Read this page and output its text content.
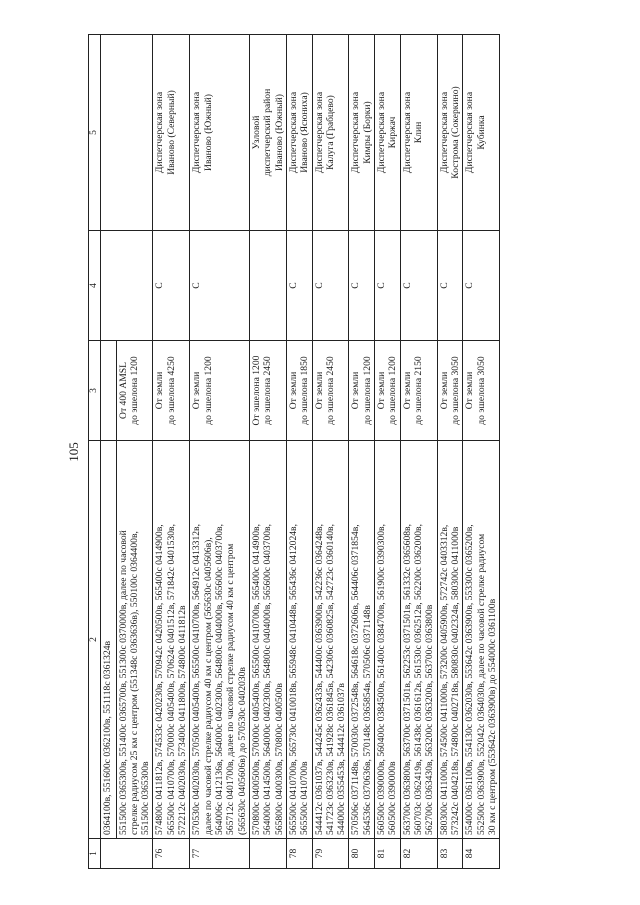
105
1	2	3	4	5

	0364100в, 551600с 0362100в, 551118с 0361324в 551500с 0365300в, 551400с 0365700в, 551300с 0370000в, далее по часовой стрелке радиусом 25 км с центром (551348с 0363636в), 550100с 0364400в, 551500с 0365300в	От 400 AMSL до эшелона 1200		

76	574800с 0411812в, 574533с 0420230в, 570942с 0420500в, 565400с 0414900в, 565500с 0410700в, 570000с 0405400в, 570624с 0401512в, 571842с 0401530в, 572212с 0402030в, 573400с 0411800в, 574800с 0411812в	От земли до эшелона 4250	С	Диспетчерская зона Иваново (Северный)

77	570530с 0402030в, 570500с 0405400в, 565500с 0410700в, 564912с 0413312в, далее по часовой стрелке радиусом 40 км с центром (565630с 0405606в), 564006с 0412136в, 564000с 0402300в, 564800с 0404000в, 565600с 0403700в, 565712с 0401700в, далее по часовой стрелке радиусом 40 км с центром (565630с 0405606в) до 570530с 0402030в	От земли до эшелона 1200	С	Диспетчерская зона Иваново (Южный)

	570800с 0400500в, 570000с 0405400в, 565500с 0410700в, 565400с 0414900в, 564000с 0414500в, 564000с 0402300в, 564800с 0404000в, 565600с 0403700в, 565800с 0400300в, 570800с 0400500в	От эшелона 1200 до эшелона 2450		Узловой диспетчерский район Иваново (Южный)

78	565500с 0410700в, 565730с 0410018в, 565948с 0410448в, 565436с 0412024в, 565500с 0410700в	От земли до эшелона 1850	С	Диспетчерская зона Иваново (Ясюниха)

79	544412с 0361037в, 544245с 0362433в, 544400с 0363900в, 542236с 0364248в, 541723с 0363230в, 541928с 0361845в, 542306с 0360825в, 542723с 0360140в, 544000с 0355453в, 544412с 0361037в	От земли до эшелона 2450	С	Диспетчерская зона Калуга (Грабцево)

80	570506с 0371148в, 570030с 0372548в, 564618с 0372606в, 564406с 0371854в, 564536с 0370636в, 570148с 0365854в, 570506с 0371148в	От земли до эшелона 1200	С	Диспетчерская зона Кимры (Борки)

81	560500с 0390000в, 560400с 0384500в, 561400с 0384700в, 561900с 0390300в, 560500с 0390000в	От земли до эшелона 1200	С	Диспетчерская зона Киржач

82	563700с 0363800в, 563700с 0371501в, 562253с 0371501в, 561332с 0365608в, 560703с 0362419в, 561438с 0361612в, 561530с 0362512в, 562200с 0362000в, 562700с 0363430в, 563200с 0363200в, 563700с 0363800в	От земли до эшелона 2150	С	Диспетчерская зона Клин

83	580300с 0411000в, 574500с 0411000в, 573200с 0405900в, 572742с 0403312в, 573242с 0404218в, 574800с 0402718в, 580830с 0402324в, 580300с 0411000в	От земли до эшелона 3050	С	Диспетчерская зона Кострома (Сокеркино)

84	554000с 0361100в, 554130с 0362030в, 553642с 0363900в, 553300с 0365200в, 552500с 0363900в, 552042с 0364030в, далее по часовой стрелке радиусом 30 км с центром (553642с 0363900в) до 554000с 0361100в	От земли до эшелона 3050	С	Диспетчерская зона Кубинка
